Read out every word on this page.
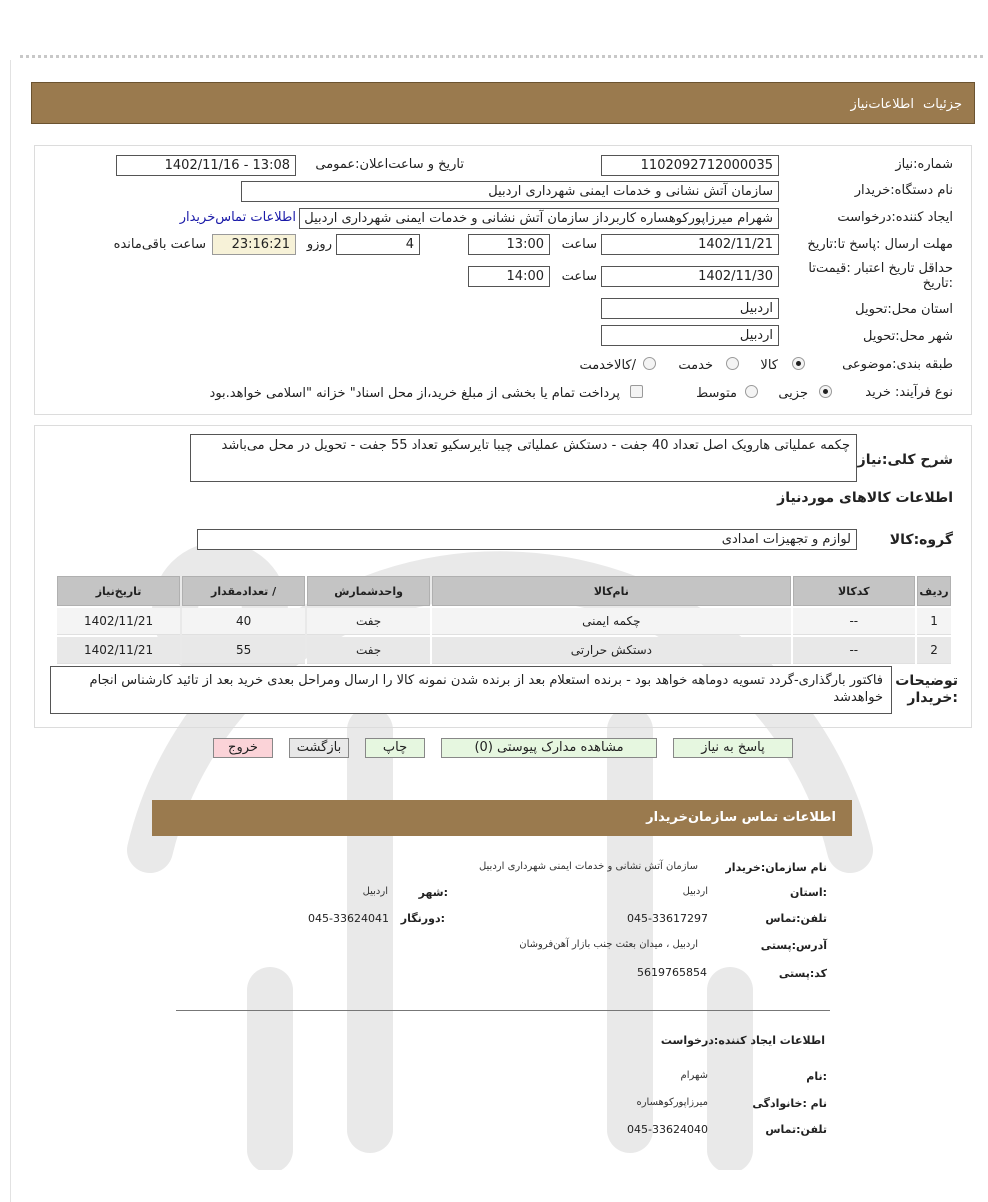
جزئیات
اطلاعات‌نیاز
شماره:نیاز
1102092712000035
تاریخ و ساعت‌اعلان:عمومی
1402/11/16 - 13:08
نام دستگاه:خریدار
سازمان آتش نشانی و خدمات ایمنی شهرداری اردبیل
ایجاد کننده:درخواست
شهرام میرزاپورکوهساره کاربرداز سازمان آتش نشانی و خدمات ایمنی شهرداری اردبیل
اطلاعات تماس‌خریدار
مهلت ارسال :پاسخ تا:تاریخ
1402/11/21
ساعت
13:00
4
روزو
23:16:21
ساعت باقی‌مانده
حداقل تاریخ اعتبار :قیمت‌تا :تاریخ
1402/11/30
ساعت
14:00
استان محل:تحویل
اردبیل
شهر محل:تحویل
اردبیل
طبقه بندی:موضوعی
کالا
خدمت
/کالاخدمت
نوع فرآیند: خرید
جزیی
متوسط
پرداخت تمام یا بخشی از مبلغ خرید،از محل اسناد" خزانه "اسلامی خواهد.بود
شرح کلی:نیاز
چکمه عملیاتی هارویک اصل تعداد 40 جفت - دستکش عملیاتی چیبا تایرسکیو تعداد 55 جفت - تحویل در محل می‌باشد
اطلاعات کالاهای موردنیاز
گروه:کالا
لوازم و تجهیزات امدادی
ردیف	کدکالا	نام‌کالا	واحدشمارش	/ تعدادمقدار	تاریخ‌نیاز
1	--	چکمه ایمنی	جفت	40	1402/11/21
2	--	دستکش حرارتی	جفت	55	1402/11/21
توضیحات :خریدار
فاکتور بارگذاری-گردد تسویه دوماهه خواهد بود - برنده استعلام بعد از برنده شدن نمونه کالا را ارسال ومراحل بعدی خرید بعد از تائید کارشناس انجام خواهدشد
پاسخ به نیاز
مشاهده مدارک پیوستی (0)
چاپ
بازگشت
خروج
اطلاعات تماس سازمان‌خریدار
نام سازمان:خریدار
سازمان آتش نشانی و خدمات ایمنی شهرداری اردبیل
:استان
اردبیل
:شهر
اردبیل
تلفن:تماس
045-33617297
:دورنگار
045-33624041
آدرس:پستی
اردبیل ، میدان بعثت جنب بازار آهن‌فروشان
کد:پستی
5619765854
اطلاعات ایجاد کننده:درخواست
:نام
شهرام
نام :خانوادگی
میرزاپورکوهساره
تلفن:تماس
045-33624040
